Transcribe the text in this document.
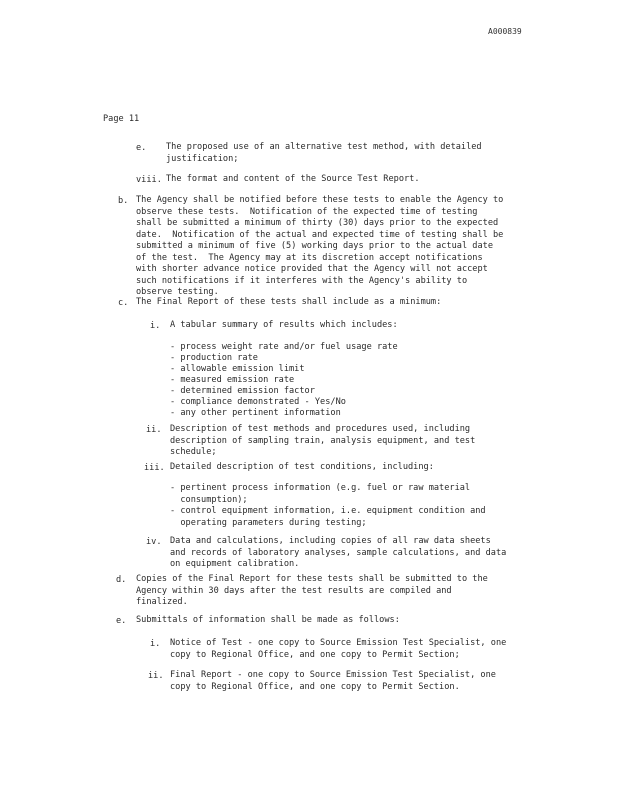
A000839
Page 11
e. The proposed use of an alternative test method, with detailed
justification;
viii. The format and content of the Source Test Report.
b. The Agency shall be notified before these tests to enable the Agency to
observe these tests.  Notification of the expected time of testing
shall be submitted a minimum of thirty (30) days prior to the expected
date.  Notification of the actual and expected time of testing shall be
submitted a minimum of five (5) working days prior to the actual date
of the test.  The Agency may at its discretion accept notifications
with shorter advance notice provided that the Agency will not accept
such notifications if it interferes with the Agency's ability to
observe testing.
c. The Final Report of these tests shall include as a minimum:
i. A tabular summary of results which includes:
- process weight rate and/or fuel usage rate
- production rate
- allowable emission limit
- measured emission rate
- determined emission factor
- compliance demonstrated - Yes/No
- any other pertinent information
ii. Description of test methods and procedures used, including
description of sampling train, analysis equipment, and test
schedule;
iii. Detailed description of test conditions, including:
- pertinent process information (e.g. fuel or raw material
consumption);
- control equipment information, i.e. equipment condition and
operating parameters during testing;
iv. Data and calculations, including copies of all raw data sheets
and records of laboratory analyses, sample calculations, and data
on equipment calibration.
d. Copies of the Final Report for these tests shall be submitted to the
Agency within 30 days after the test results are compiled and
finalized.
e. Submittals of information shall be made as follows:
i. Notice of Test - one copy to Source Emission Test Specialist, one
copy to Regional Office, and one copy to Permit Section;
ii. Final Report - one copy to Source Emission Test Specialist, one
copy to Regional Office, and one copy to Permit Section.
